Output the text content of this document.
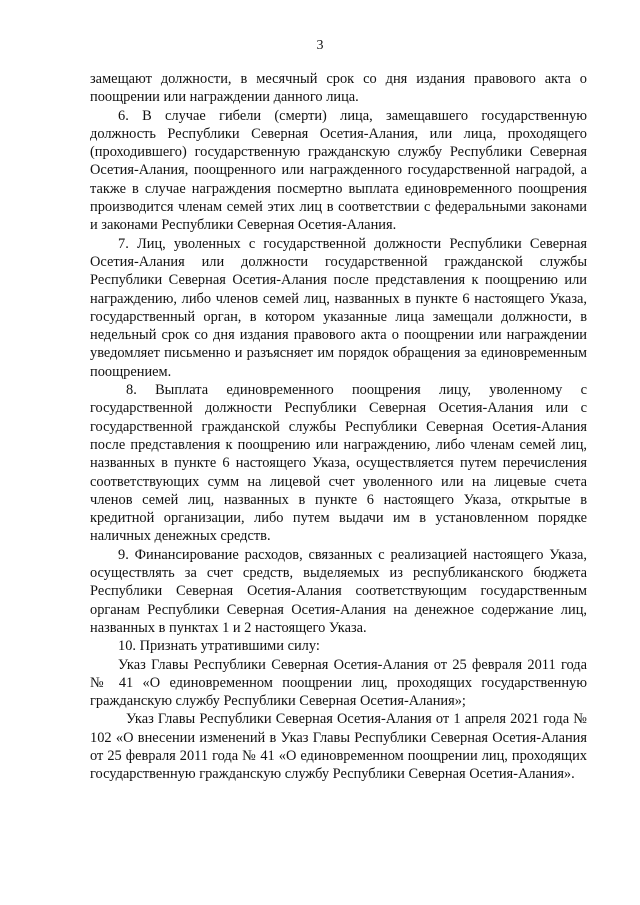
3

замещают должности, в месячный срок со дня издания правового акта о поощрении или награждении данного лица.

6. В случае гибели (смерти) лица, замещавшего государственную должность Республики Северная Осетия-Алания, или лица, проходящего (проходившего) государственную гражданскую службу Республики Северная Осетия-Алания, поощренного или награжденного государственной наградой, а также в случае награждения посмертно выплата единовременного поощрения производится членам семей этих лиц в соответствии с федеральными законами и законами Республики Северная Осетия-Алания.

7. Лиц, уволенных с государственной должности Республики Северная Осетия-Алания или должности государственной гражданской службы Республики Северная Осетия-Алания после представления к поощрению или награждению, либо членов семей лиц, названных в пункте 6 настоящего Указа, государственный орган, в котором указанные лица замещали должности, в недельный срок со дня издания правового акта о поощрении или награждении уведомляет письменно и разъясняет им порядок обращения за единовременным поощрением.

8. Выплата единовременного поощрения лицу, уволенному с государственной должности Республики Северная Осетия-Алания или с государственной гражданской службы Республики Северная Осетия-Алания после представления к поощрению или награждению, либо членам семей лиц, названных в пункте 6 настоящего Указа, осуществляется путем перечисления соответствующих сумм на лицевой счет уволенного или на лицевые счета членов семей лиц, названных в пункте 6 настоящего Указа, открытые в кредитной организации, либо путем выдачи им в установленном порядке наличных денежных средств.

9. Финансирование расходов, связанных с реализацией настоящего Указа, осуществлять за счет средств, выделяемых из республиканского бюджета Республики Северная Осетия-Алания соответствующим государственным органам Республики Северная Осетия-Алания на денежное содержание лиц, названных в пунктах 1 и 2 настоящего Указа.

10. Признать утратившими силу:

Указ Главы Республики Северная Осетия-Алания от 25 февраля 2011 года № 41 «О единовременном поощрении лиц, проходящих государственную гражданскую службу Республики Северная Осетия-Алания»;

Указ Главы Республики Северная Осетия-Алания от 1 апреля 2021 года № 102 «О внесении изменений в Указ Главы Республики Северная Осетия-Алания от 25 февраля 2011 года № 41 «О единовременном поощрении лиц, проходящих государственную гражданскую службу Республики Северная Осетия-Алания».
